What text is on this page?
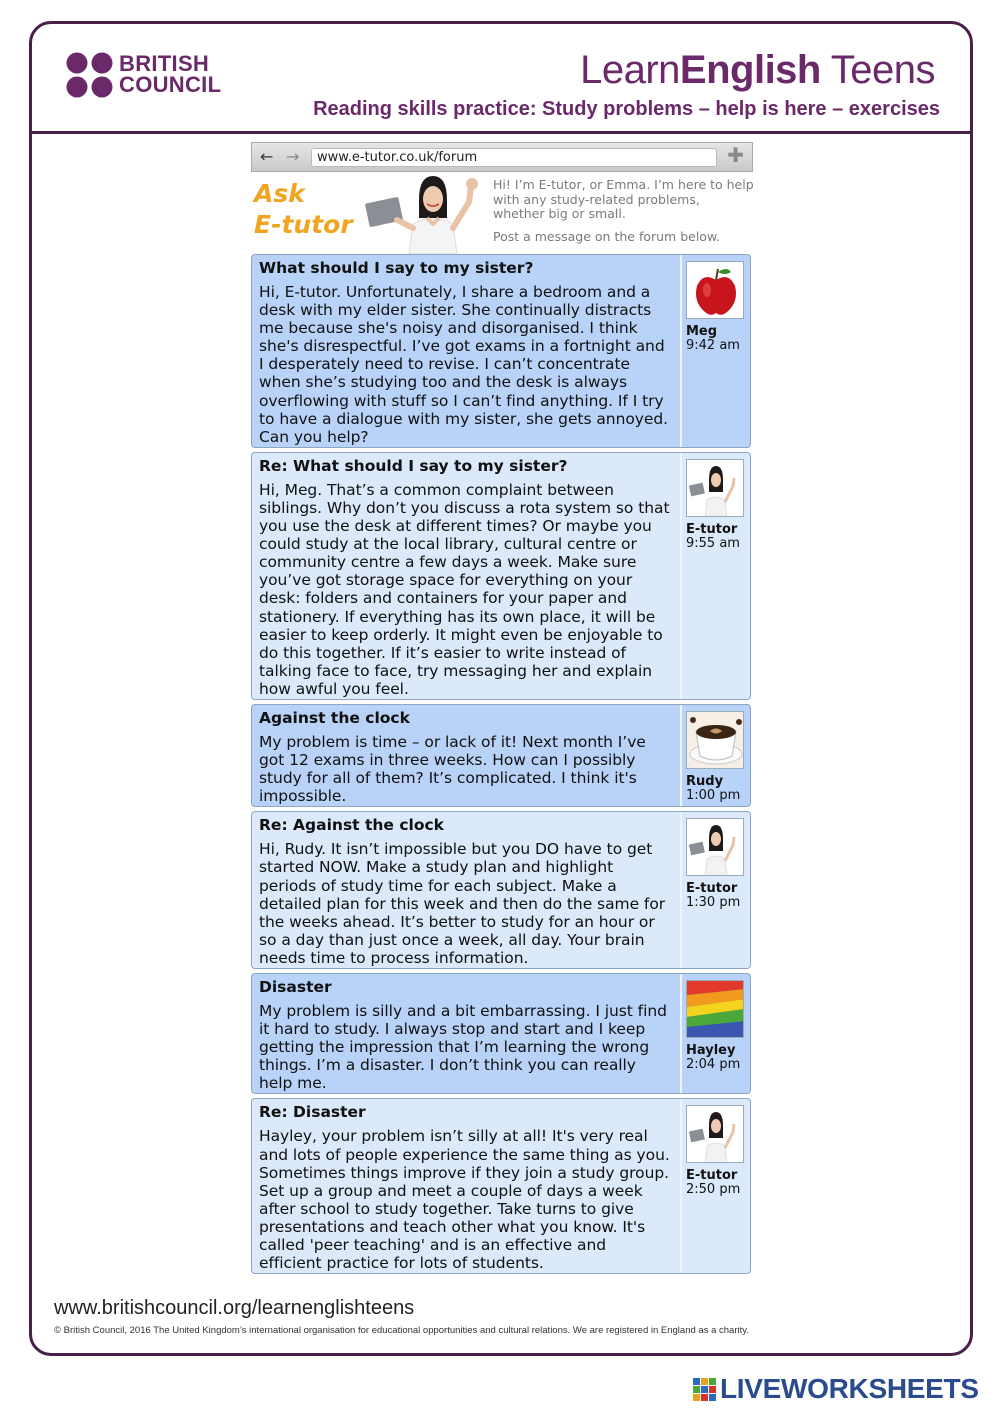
BRITISH
COUNCIL	LearnEnglish Teens
Reading skills practice: Study problems – help is here – exercises
← →	www.e-tutor.co.uk/forum	✚
Ask
E-tutor

Hi! I’m E-tutor, or Emma. I’m here to help with any study-related problems, whether big or small.

Post a message on the forum below.

What should I say to my sister?
Hi, E-tutor. Unfortunately, I share a bedroom and a desk with my elder sister. She continually distracts me because she's noisy and disorganised. I think she's disrespectful. I’ve got exams in a fortnight and I desperately need to revise. I can’t concentrate when she’s studying too and the desk is always overflowing with stuff so I can’t find anything. If I try to have a dialogue with my sister, she gets annoyed. Can you help?
Meg
9:42 am
Re: What should I say to my sister?
Hi, Meg. That’s a common complaint between siblings. Why don’t you discuss a rota system so that you use the desk at different times? Or maybe you could study at the local library, cultural centre or community centre a few days a week. Make sure you’ve got storage space for everything on your desk: folders and containers for your paper and stationery. If everything has its own place, it will be easier to keep orderly. It might even be enjoyable to do this together. If it’s easier to write instead of talking face to face, try messaging her and explain how awful you feel.
E-tutor
9:55 am
Against the clock
My problem is time – or lack of it! Next month I’ve got 12 exams in three weeks. How can I possibly study for all of them? It’s complicated. I think it's impossible.
Rudy
1:00 pm
Re: Against the clock
Hi, Rudy. It isn’t impossible but you DO have to get started NOW. Make a study plan and highlight periods of study time for each subject. Make a detailed plan for this week and then do the same for the weeks ahead. It’s better to study for an hour or so a day than just once a week, all day. Your brain needs time to process information.
E-tutor
1:30 pm
Disaster
My problem is silly and a bit embarrassing. I just find it hard to study. I always stop and start and I keep getting the impression that I’m learning the wrong things. I’m a disaster. I don’t think you can really help me.
Hayley
2:04 pm
Re: Disaster
Hayley, your problem isn’t silly at all! It's very real and lots of people experience the same thing as you. Sometimes things improve if they join a study group. Set up a group and meet a couple of days a week after school to study together. Take turns to give presentations and teach other what you know. It's called 'peer teaching' and is an effective and efficient practice for lots of students.
E-tutor
2:50 pm
www.britishcouncil.org/learnenglishteens
© British Council, 2016 The United Kingdom’s international organisation for educational opportunities and cultural relations. We are registered in England as a charity.
LIVEWORKSHEETS
